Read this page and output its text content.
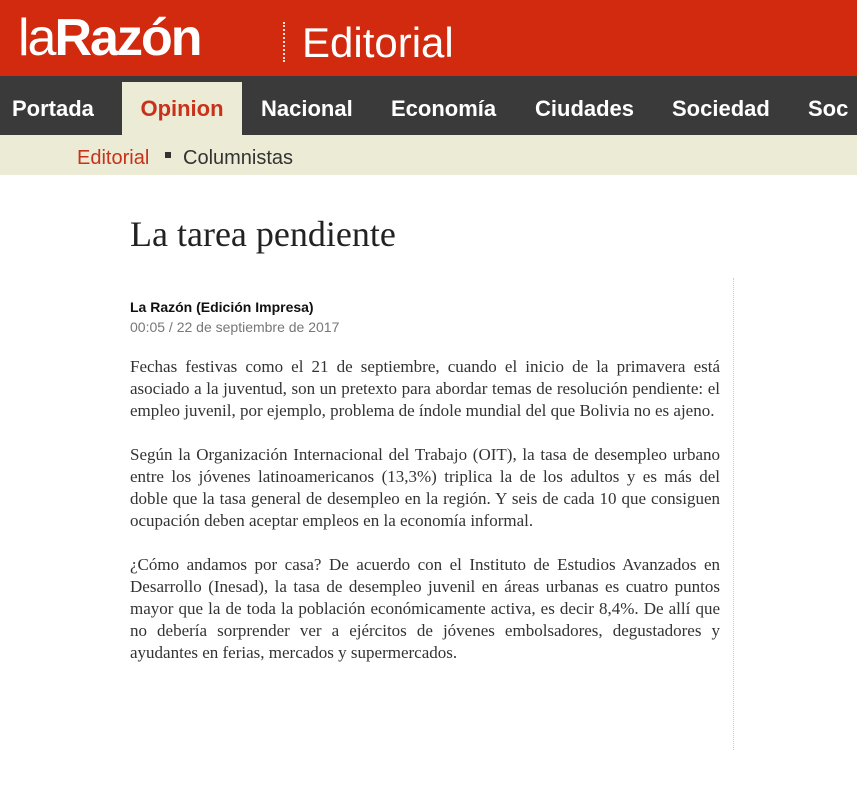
laRazón Editorial
Portada	Opinion	Nacional Economía Ciudades Sociedad Soc
Editorial Columnistas
La tarea pendiente
La Razón (Edición Impresa)
00:05 / 22 de septiembre de 2017

Fechas festivas como el 21 de septiembre, cuando el inicio de la primavera está asociado a la juventud, son un pretexto para abordar temas de resolución pendiente: el empleo juvenil, por ejemplo, problema de índole mundial del que Bolivia no es ajeno.

Según la Organización Internacional del Trabajo (OIT), la tasa de desempleo urbano entre los jóvenes latinoamericanos (13,3%) triplica la de los adultos y es más del doble que la tasa general de desempleo en la región. Y seis de cada 10 que consiguen ocupación deben aceptar empleos en la economía informal.

¿Cómo andamos por casa? De acuerdo con el Instituto de Estudios Avanzados en Desarrollo (Inesad), la tasa de desempleo juvenil en áreas urbanas es cuatro puntos mayor que la de toda la población económicamente activa, es decir 8,4%. De allí que no debería sorprender ver a ejércitos de jóvenes embolsadores, degustadores y ayudantes en ferias, mercados y supermercados.
